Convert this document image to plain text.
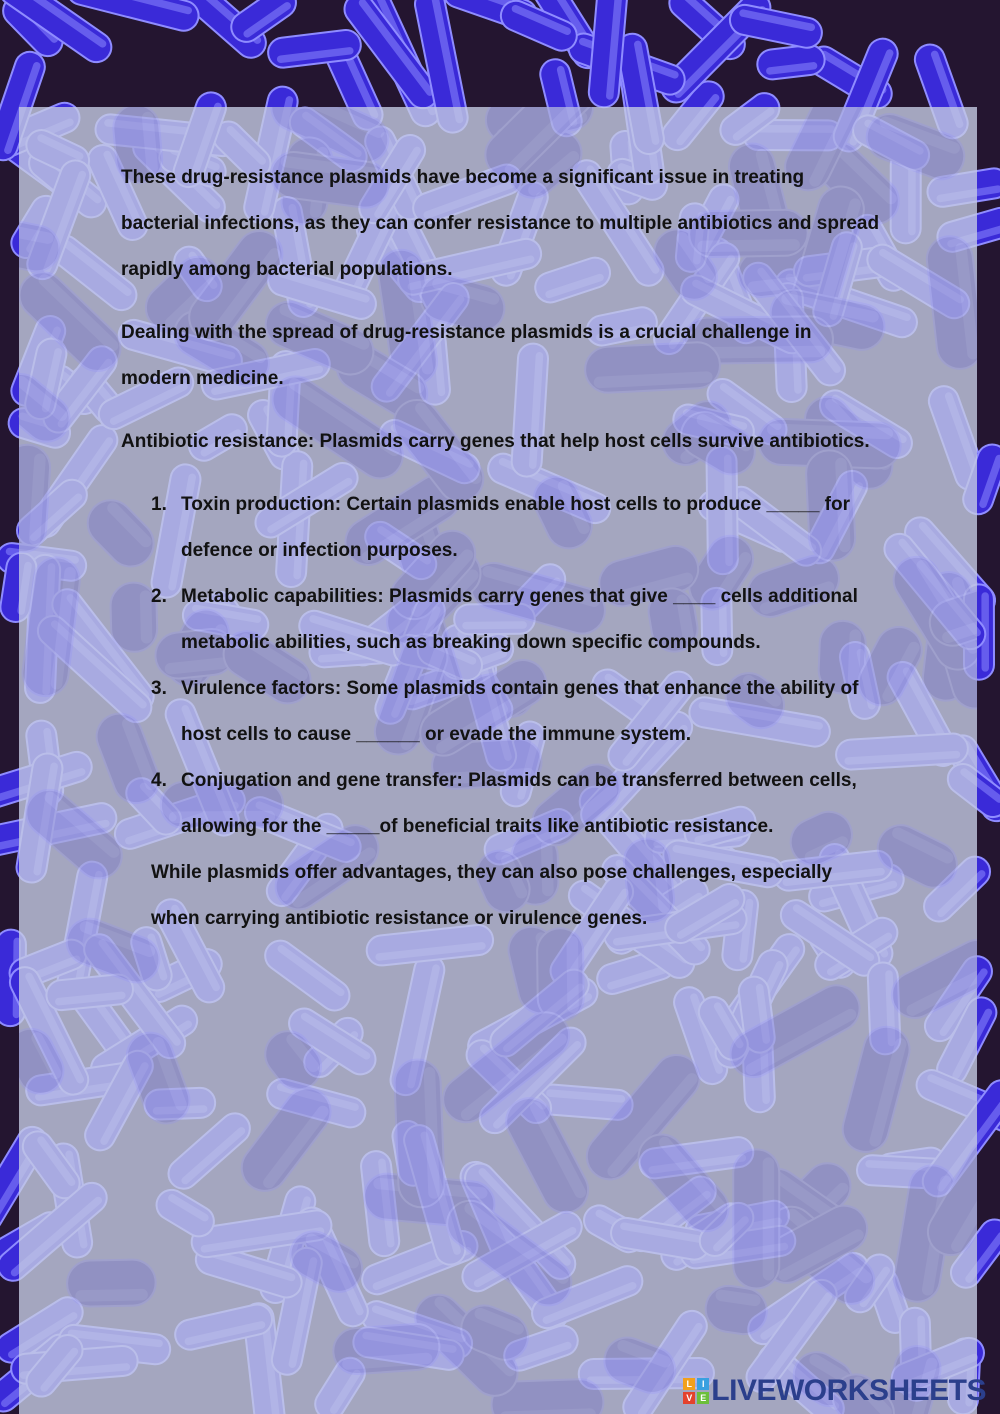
These drug-resistance plasmids have become a significant issue in treating bacterial infections, as they can confer resistance to multiple antibiotics and spread rapidly among bacterial populations.

Dealing with the spread of drug-resistance plasmids is a crucial challenge in modern medicine.

Antibiotic resistance: Plasmids carry genes that help host cells survive antibiotics.

1. Toxin production: Certain plasmids enable host cells to produce _____ for defence or infection purposes.
2. Metabolic capabilities: Plasmids carry genes that give ____ cells additional metabolic abilities, such as breaking down specific compounds.
3. Virulence factors: Some plasmids contain genes that enhance the ability of host cells to cause ______ or evade the immune system.
4. Conjugation and gene transfer: Plasmids can be transferred between cells, allowing for the _____of beneficial traits like antibiotic resistance.

While plasmids offer advantages, they can also pose challenges, especially when carrying antibiotic resistance or virulence genes.

L	I
V E LIVEWORKSHEETS
